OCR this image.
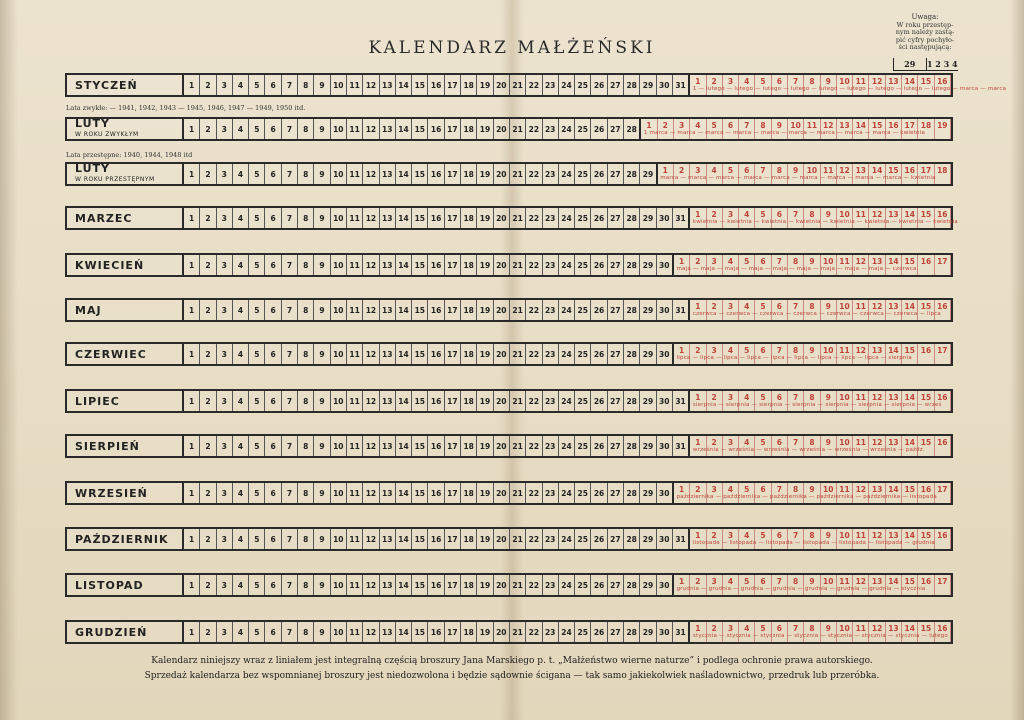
KALENDARZ MAŁŻEŃSKI
Uwaga:
W roku przestęp-
nym należy zastą-
pić cyfry pochyło-
ści następującą:
29	1 2 3 4
Lata zwykłe: — 1941, 1942, 1943 — 1945, 1946, 1947 — 1949, 1950 itd.
Lata przestępne: 1940, 1944, 1948 itd
STYCZEŃ	1	2	3	4	5	6	7	8	9	10 11 12 13 14 15 16 17 18 19 20 21 22 23 24 25 26 27 28 29 30 31	1	2	3	4	5	6	7	8	9	10 11 12 13 14 15 16
1 — lutego — lutego — lutego — lutego — lutego — lutego — lutego — lutego — lutego — marca — marca
LUTY
W ROKU ZWYKŁYM
1	2	3	4	5	6	7	8	9	10 11 12 13 14 15 16 17 18 19 20 21 22 23 24 25 26 27 28	1	2	3	4	5	6	7	8	9	10 11 12 13 14 15 16 17 18 19
1 marca — marca — marca — marca — marca — marca — marca — marca — marca — kwietnia
LUTY
W ROKU PRZESTĘPNYM
1	2	3	4	5	6	7	8	9	10 11 12 13 14 15 16 17 18 19 20 21 22 23 24 25 26 27 28 29	1	2	3	4	5	6	7	8	9	10 11 12 13 14 15 16 17 18
marca — marca — marca — marca — marca — marca — marca — marca — marca — kwietnia
MARZEC	1	2	3	4	5	6	7	8	9	10 11 12 13 14 15 16 17 18 19 20 21 22 23 24 25 26 27 28 29 30 31	1	2	3	4	5	6	7	8	9	10 11 12 13 14 15 16
kwietnia — kwietnia — kwietnia — kwietnia — kwietnia — kwietnia — kwietnia — kwietnia
KWIECIEŃ	1	2	3	4	5	6	7	8	9	10 11 12 13 14 15 16 17 18 19 20 21 22 23 24 25 26 27 28 29 30	1	2	3	4	5	6	7	8	9	10 11 12 13 14 15 16 17
maja — maja — maja — maja — maja — maja — maja — maja — maja — czerwca
MAJ	1	2	3	4	5	6	7	8	9	10 11 12 13 14 15 16 17 18 19 20 21 22 23 24 25 26 27 28 29 30 31	1	2	3	4	5	6	7	8	9	10 11 12 13 14 15 16
czerwca — czerwca — czerwca — czerwca — czerwca — czerwca — czerwca — lipca
CZERWIEC	1	2	3	4	5	6	7	8	9	10 11 12 13 14 15 16 17 18 19 20 21 22 23 24 25 26 27 28 29 30	1	2	3	4	5	6	7	8	9	10 11 12 13 14 15 16 17
lipca — lipca — lipca — lipca — lipca — lipca — lipca — lipca — lipca — sierpnia
LIPIEC	1	2	3	4	5	6	7	8	9	10 11 12 13 14 15 16 17 18 19 20 21 22 23 24 25 26 27 28 29 30 31	1	2	3	4	5	6	7	8	9	10 11 12 13 14 15 16
sierpnia — sierpnia — sierpnia — sierpnia — sierpnia — sierpnia — sierpnia — wrześ
SIERPIEŃ	1	2	3	4	5	6	7	8	9	10 11 12 13 14 15 16 17 18 19 20 21 22 23 24 25 26 27 28 29 30 31	1	2	3	4	5	6	7	8	9	10 11 12 13 14 15 16
września — września — września — września — września — września — paźdz.
WRZESIEŃ	1	2	3	4	5	6	7	8	9	10 11 12 13 14 15 16 17 18 19 20 21 22 23 24 25 26 27 28 29 30	1	2	3	4	5	6	7	8	9	10 11 12 13 14 15 16 17
października — października — października — października — października — listopada
PAŹDZIERNIK	1	2	3	4	5	6	7	8	9	10 11 12 13 14 15 16 17 18 19 20 21 22 23 24 25 26 27 28 29 30 31	1	2	3	4	5	6	7	8	9	10 11 12 13 14 15 16
listopada — listopada — listopada — listopada — listopada — listopada — grudnia
LISTOPAD	1	2	3	4	5	6	7	8	9	10 11 12 13 14 15 16 17 18 19 20 21 22 23 24 25 26 27 28 29 30	1	2	3	4	5	6	7	8	9	10 11 12 13 14 15 16 17
grudnia — grudnia — grudnia — grudnia — grudnia — grudnia — grudnia — stycznia
GRUDZIEŃ	1	2	3	4	5	6	7	8	9	10 11 12 13 14 15 16 17 18 19 20 21 22 23 24 25 26 27 28 29 30 31	1	2	3	4	5	6	7	8	9	10 11 12 13 14 15 16
stycznia — stycznia — stycznia — stycznia — stycznia — stycznia — stycznia — lutego
Kalendarz niniejszy wraz z liniałem jest integralną częścią broszury Jana Marskiego p. t. „Małżeństwo wierne naturze” i podlega ochronie prawa autorskiego.
Sprzedaż kalendarza bez wspomnianej broszury jest niedozwolona i będzie sądownie ścigana — tak samo jakiekolwiek naśladownictwo, przedruk lub przeróbka.
